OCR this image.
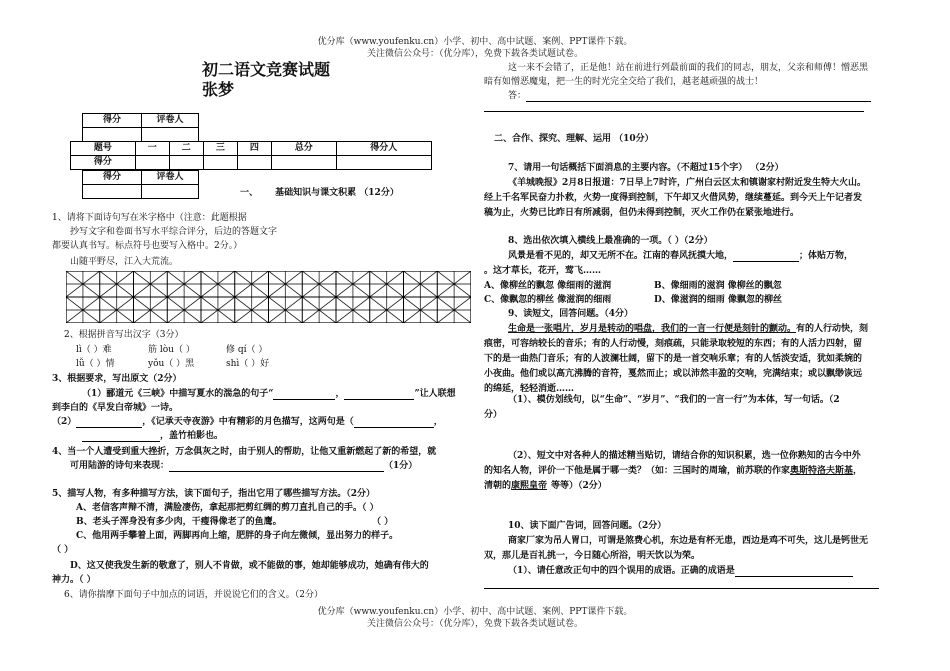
优分库（www.youfenku.cn）小学、初中、高中试题、案例、PPT课件下载。
关注微信公众号：（优分库），免费下载各类试题试卷。
初二语文竞赛试题
张梦
得分	评卷人

题号	一	二	三	四	总分	得分人
得分						
得分	评卷人

一、 基础知识与课文积累 （12分）
1、请将下面诗句写在米字格中（注意：此题根据
抄写文字和卷面书写水平综合评分，后边的答题文字
都要认真书写。标点符号也要写入格中。2分。）
山随平野尽，江入大荒流。
2、根据拼音写出汉字（3分）
lì（ ）难	筋 lòu（ ）	修 qí（ ）
lǚ（ ）情	yǒu（ ）黑	shì（ ）好
3、根据要求，写出原文（2分）
（1）郦道元《三峡》中描写夏水的湍急的句子“	，	”让人联想
到李白的《早发白帝城》一诗。
（2）	，《记承天寺夜游》中有精彩的月色描写，这两句是（	，
，盖竹柏影也。
4、当一个人遭受到重大挫折，万念俱灰之时，由于别人的帮助，让他又重新燃起了新的希望，就
可用陆游的诗句来表现：	（1分）
5、描写人物，有多种描写方法，读下面句子，指出它用了哪些描写方法。（2分）
A、老信客声辩不清，满脸凄伤，拿起那把剪红绸的剪刀直扎自己的手。（ ）
B、老头子浑身没有多少肉，干瘦得像老了的鱼鹰。	（ ）
C、他用两手攀着上面，两脚再向上缩，肥胖的身子向左微倾，显出努力的样子。
（ ）
D、这又使我发生新的敬意了，别人不肯做，或不能做的事，她却能够成功，她确有伟大的
神力。（ ）
6、请你揣摩下面句子中加点的词语，并说说它们的含义。（2分）
这一来不会错了，正是他！站在前进行列最前面的我们的同志，朋友，父亲和师傅！憎恶黑
暗有如憎恶魔鬼，把一生的时光完全交给了我们，越老越顽强的战士！
答：
二、合作、探究、理解、运用 （10分）
7、请用一句话概括下面消息的主要内容。（不超过15个字） （2分）
《羊城晚报》2月8日报道：7日早上7时许，广州白云区太和镇谢家村附近发生特大火山。
经上千名军民奋力扑救，火势一度得到控制，下午却又火借风势，继续蔓延。到今天上午记者发
稿为止，火势已比昨日有所减弱，但仍未得到控制，灭火工作仍在紧张地进行。
8、选出依次填入横线上最准确的一项。（ ）（2分）
风景是看不见的，却又无所不在。江南的春风抚摸大地，	；体贴万物，
。这才草长，花开，莺飞……
A、像柳丝的飘忽 像细雨的滋润	B、像细雨的滋润 像柳丝的飘忽
C、像飘忽的柳丝 像滋润的细雨	D、像滋润的细雨 像飘忽的柳丝
9、读短文，回答问题。（4分）
生命是一张唱片，岁月是转动的唱盘，我们的一言一行便是刻针的颤动。有的人行动快，刻
痕密，可容纳较长的音乐；有的人行动慢，刻痕疏，只能录取较短的东西；有的人活力四射，留
下的是一曲热门音乐；有的人波澜壮阔，留下的是一首交响乐章；有的人恬淡安适，犹如柔婉的
小夜曲。他们或以高亢沸腾的音符，戛然而止；或以沛然丰盈的交响，完满结束；或以飘缈诙远
的绵延，轻轻消逝……
（1）、模仿划线句，以“生命”、“岁月”、“我们的一言一行”为本体，写一句话。（2
分）
（2）、短文中对各种人的描述精当贴切，请结合你的知识积累，选一位你熟知的古今中外
的知名人物，评价一下他是属于哪一类？（如：三国时的周瑜，前苏联的作家奥斯特洛夫斯基，
清朝的康熙皇帝 等等）（2分）
10、读下面广告词，回答问题。（2分）
商家厂家为吊人胃口，可谓是煞费心机，东边是有杯无患，西边是鸡不可失，这儿是钙世无
双，那儿是百礼挑一，今日随心所浴，明天饮以为荣。
（1）、请任意改正句中的四个误用的成语。正确的成语是
优分库（www.youfenku.cn）小学、初中、高中试题、案例、PPT课件下载。
关注微信公众号：（优分库），免费下载各类试题试卷。
